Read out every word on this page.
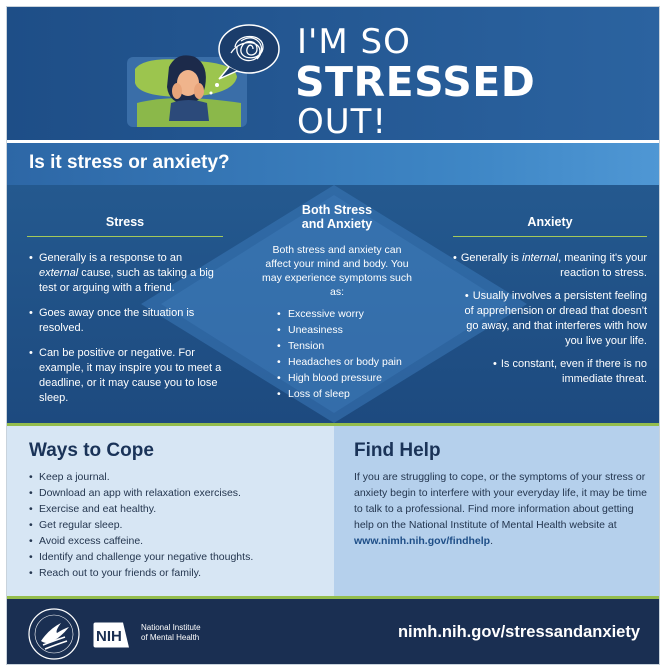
I'M SO
STRESSED
OUT!
Is it stress or anxiety?
Stress
• Generally is a response to an external cause, such as taking a big test or arguing with a friend.
• Goes away once the situation is resolved.
• Can be positive or negative. For example, it may inspire you to meet a deadline, or it may cause you to lose sleep.
Both Stress
and Anxiety

Both stress and anxiety can affect your mind and body. You may experience symptoms such as:

• Excessive worry
• Uneasiness
• Tension
• Headaches or body pain
• High blood pressure
• Loss of sleep
Anxiety
• Generally is internal, meaning it's your reaction to stress.
• Usually involves a persistent feeling of apprehension or dread that doesn't go away, and that interferes with how you live your life.
• Is constant, even if there is no immediate threat.
Ways to Cope
• Keep a journal.
• Download an app with relaxation exercises.
• Exercise and eat healthy.
• Get regular sleep.
• Avoid excess caffeine.
• Identify and challenge your negative thoughts.
• Reach out to your friends or family.
Find Help

If you are struggling to cope, or the symptoms of your stress or anxiety begin to interfere with your everyday life, it may be time to talk to a professional. Find more information about getting help on the National Institute of Mental Health website at www.nimh.nih.gov/findhelp.

NIH
National Institute
of Mental Health	nimh.nih.gov/stressandanxiety
